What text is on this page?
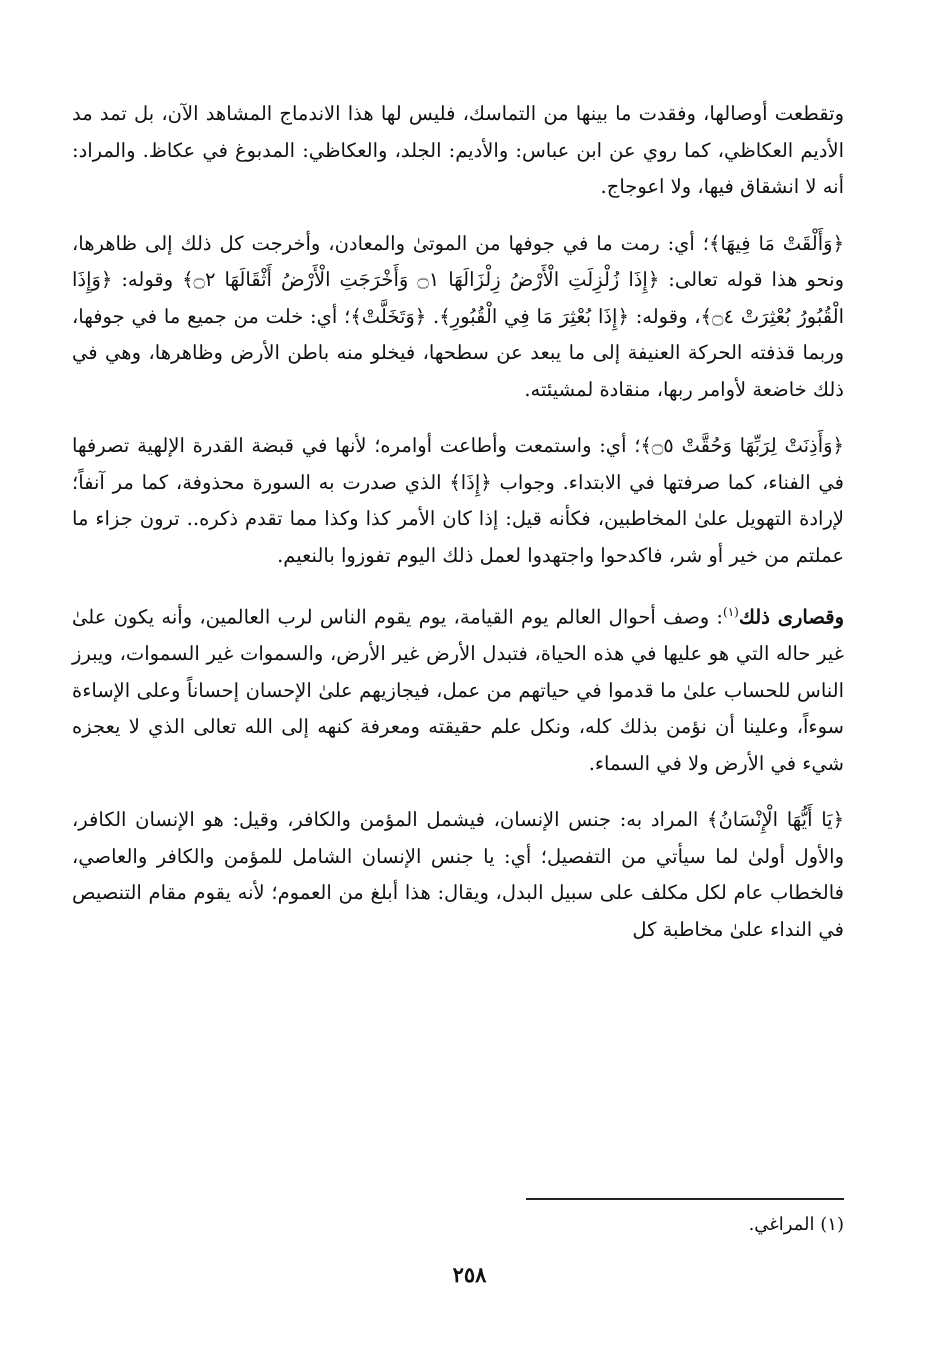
وتقطعت أوصالها، وفقدت ما بينها من التماسك، فليس لها هذا الاندماج المشاهد الآن، بل تمد مد الأديم العكاظي، كما روي عن ابن عباس: والأديم: الجلد، والعكاظي: المدبوغ في عكاظ. والمراد: أنه لا انشقاق فيها، ولا اعوجاج.

﴿وَأَلْقَتْ مَا فِيهَا﴾؛ أي: رمت ما في جوفها من الموتىٰ والمعادن، وأخرجت كل ذلك إلى ظاهرها، ونحو هذا قوله تعالى: ﴿إِذَا زُلْزِلَتِ الْأَرْضُ زِلْزَالَهَا ۝١ وَأَخْرَجَتِ الْأَرْضُ أَثْقَالَهَا ۝٢﴾ وقوله: ﴿وَإِذَا الْقُبُورُ بُعْثِرَتْ ۝٤﴾، وقوله: ﴿إِذَا بُعْثِرَ مَا فِي الْقُبُورِ﴾. ﴿وَتَخَلَّتْ﴾؛ أي: خلت من جميع ما في جوفها، وربما قذفته الحركة العنيفة إلى ما يبعد عن سطحها، فيخلو منه باطن الأرض وظاهرها، وهي في ذلك خاضعة لأوامر ربها، منقادة لمشيئته.

﴿وَأَذِنَتْ لِرَبِّهَا وَحُقَّتْ ۝٥﴾؛ أي: واستمعت وأطاعت أوامره؛ لأنها في قبضة القدرة الإلهية تصرفها في الفناء، كما صرفتها في الابتداء. وجواب ﴿إِذَا﴾ الذي صدرت به السورة محذوفة، كما مر آنفاً؛ لإرادة التهويل علىٰ المخاطبين، فكأنه قيل: إذا كان الأمر كذا وكذا مما تقدم ذكره.. ترون جزاء ما عملتم من خير أو شر، فاكدحوا واجتهدوا لعمل ذلك اليوم تفوزوا بالنعيم.

وقصارى ذلك$^{(١)}$: وصف أحوال العالم يوم القيامة، يوم يقوم الناس لرب العالمين، وأنه يكون علىٰ غير حاله التي هو عليها في هذه الحياة، فتبدل الأرض غير الأرض، والسموات غير السموات، ويبرز الناس للحساب علىٰ ما قدموا في حياتهم من عمل، فيجازيهم علىٰ الإحسان إحساناً وعلى الإساءة سوءاً، وعلينا أن نؤمن بذلك كله، ونكل علم حقيقته ومعرفة كنهه إلى الله تعالى الذي لا يعجزه شيء في الأرض ولا في السماء.

﴿يَا أَيُّهَا الْإِنْسَانُ﴾ المراد به: جنس الإنسان، فيشمل المؤمن والكافر، وقيل: هو الإنسان الكافر، والأول أولىٰ لما سيأتي من التفصيل؛ أي: يا جنس الإنسان الشامل للمؤمن والكافر والعاصي، فالخطاب عام لكل مكلف على سبيل البدل، ويقال: هذا أبلغ من العموم؛ لأنه يقوم مقام التنصيص في النداء علىٰ مخاطبة كل

(١) المراغي.
٢٥٨
